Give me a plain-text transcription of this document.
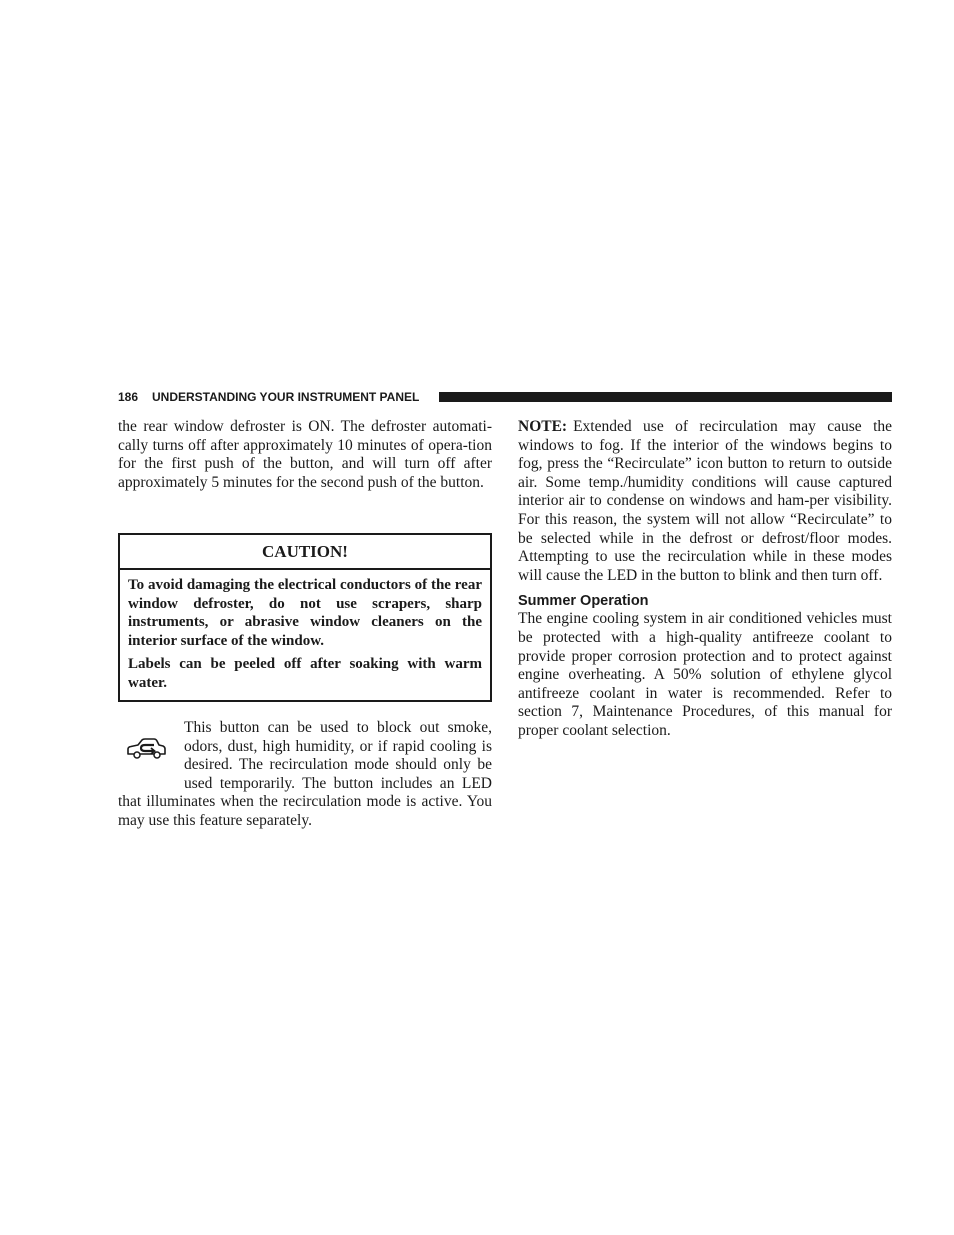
186 UNDERSTANDING YOUR INSTRUMENT PANEL

the rear window defroster is ON. The defroster automati-cally turns off after approximately 10 minutes of opera-tion for the first push of the button, and will turn off after approximately 5 minutes for the second push of the button.

CAUTION!

To avoid damaging the electrical conductors of the rear window defroster, do not use scrapers, sharp instruments, or abrasive window cleaners on the interior surface of the window.

Labels can be peeled off after soaking with warm water.

This button can be used to block out smoke, odors, dust, high humidity, or if rapid cooling is desired. The recirculation mode should only be used temporarily. The button includes an LED that illuminates when the recirculation mode is active. You may use this feature separately.

NOTE: Extended use of recirculation may cause the windows to fog. If the interior of the windows begins to fog, press the “Recirculate” icon button to return to outside air. Some temp./humidity conditions will cause captured interior air to condense on windows and ham-per visibility. For this reason, the system will not allow “Recirculate” to be selected while in the defrost or defrost/floor modes. Attempting to use the recirculation while in these modes will cause the LED in the button to blink and then turn off.

Summer Operation

The engine cooling system in air conditioned vehicles must be protected with a high-quality antifreeze coolant to provide proper corrosion protection and to protect against engine overheating. A 50% solution of ethylene glycol antifreeze coolant in water is recommended. Refer to section 7, Maintenance Procedures, of this manual for proper coolant selection.
